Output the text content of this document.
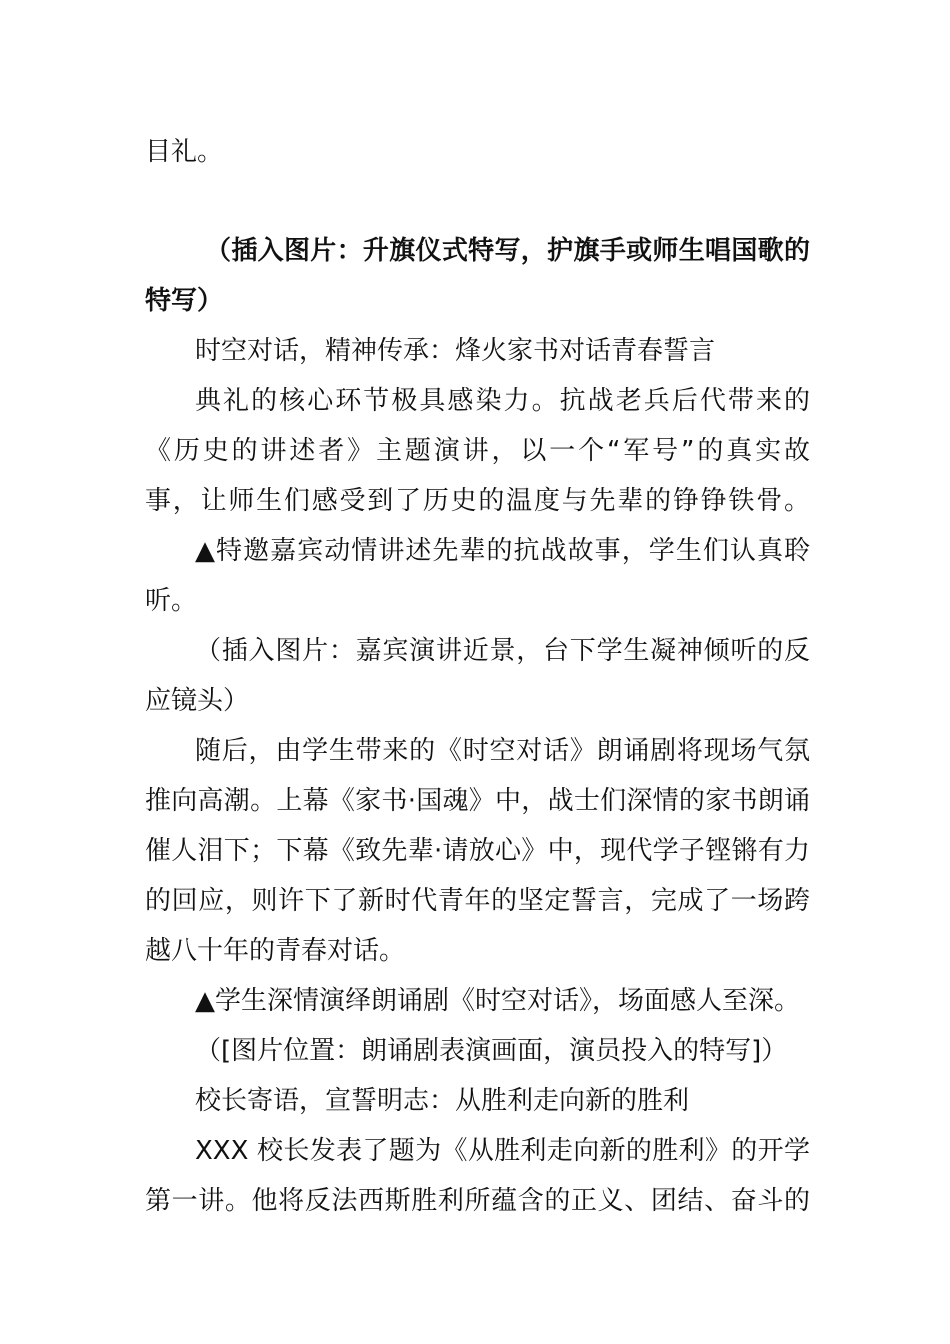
目礼。
（插入图片：升旗仪式特写，护旗手或师生唱国歌的
特写）
时空对话，精神传承：烽火家书对话青春誓言
典礼的核心环节极具感染力。抗战老兵后代带来的
《历史的讲述者》主题演讲，以一个“军号”的真实故
事，让师生们感受到了历史的温度与先辈的铮铮铁骨。
▲特邀嘉宾动情讲述先辈的抗战故事，学生们认真聆
听。
（插入图片：嘉宾演讲近景，台下学生凝神倾听的反
应镜头）
随后，由学生带来的《时空对话》朗诵剧将现场气氛
推向高潮。上幕《家书·国魂》中，战士们深情的家书朗诵
催人泪下；下幕《致先辈·请放心》中，现代学子铿锵有力
的回应，则许下了新时代青年的坚定誓言，完成了一场跨
越八十年的青春对话。
▲学生深情演绎朗诵剧《时空对话》，场面感人至深。
（[图片位置：朗诵剧表演画面，演员投入的特写]）
校长寄语，宣誓明志：从胜利走向新的胜利
XXX 校长发表了题为《从胜利走向新的胜利》的开学
第一讲。他将反法西斯胜利所蕴含的正义、团结、奋斗的
